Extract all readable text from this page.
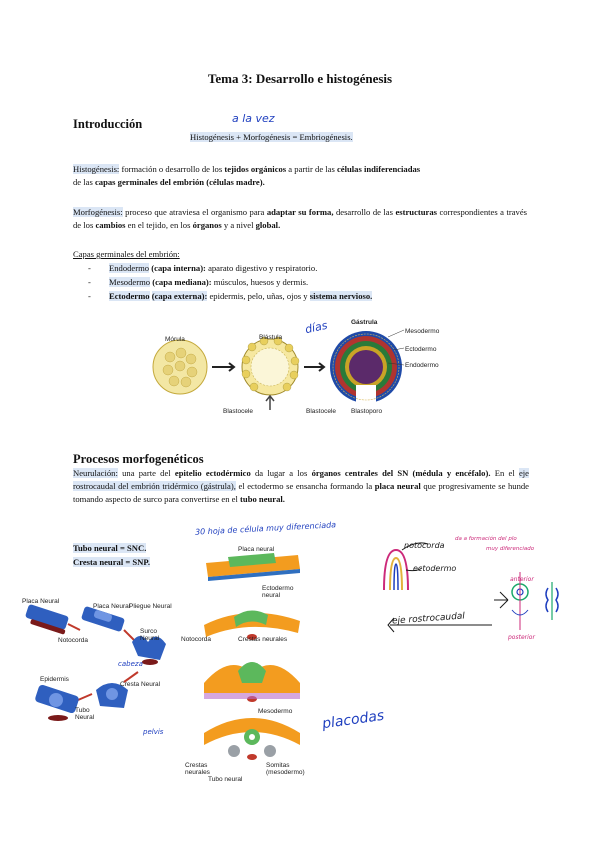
Tema 3: Desarrollo e histogénesis
Introducción	a la vez
Histogénesis + Morfogénesis = Embriogénesis.
Histogénesis: formación o desarrollo de los tejidos orgánicos a partir de las células indiferenciadas
de las capas germinales del embrión (células madre).
Morfogénesis: proceso que atraviesa el organismo para adaptar su forma, desarrollo de las estructuras correspondientes a través de los cambios en el tejido, en los órganos y a nivel global.
Capas germinales del embrión:
- Endodermo (capa interna): aparato digestivo y respiratorio.
- Mesodermo (capa mediana): músculos, huesos y dermis.
- Ectodermo (capa externa): epidermis, pelo, uñas, ojos y sistema nervioso.
Mórula	Blástula
Gástrula
Mesodermo
Ectodermo
Endodermo
Blastocele	Blastocele Blastoporo
días
Procesos morfogenéticos
Neurulación: una parte del epitelio ectodérmico da lugar a los órganos centrales del SN (médula y encéfalo). En el eje rostrocaudal del embrión tridérmico (gástrula), el ectodermo se ensancha formando la placa neural que progresivamente se hunde tomando aspecto de surco para convertirse en el tubo neural.
Tubo neural = SNC.
Cresta neural = SNP.
Placa Neural
Placa Neural
Pliegue Neural
Notocorda
Surco Neural
Epidermis
Cresta Neural
Tubo Neural
cabeza
pelvis
30 hoja de célula muy diferenciada
Placa neural
Ectodermo neural
Notocorda	Crestas neurales
Mesodermo
Crestas neurales
Tubo neural
Somitas (mesodermo)
placodas
notocorda
ectodermo
eje rostrocaudal
da a formación del plo
muy diferenciado
anterior
posterior
